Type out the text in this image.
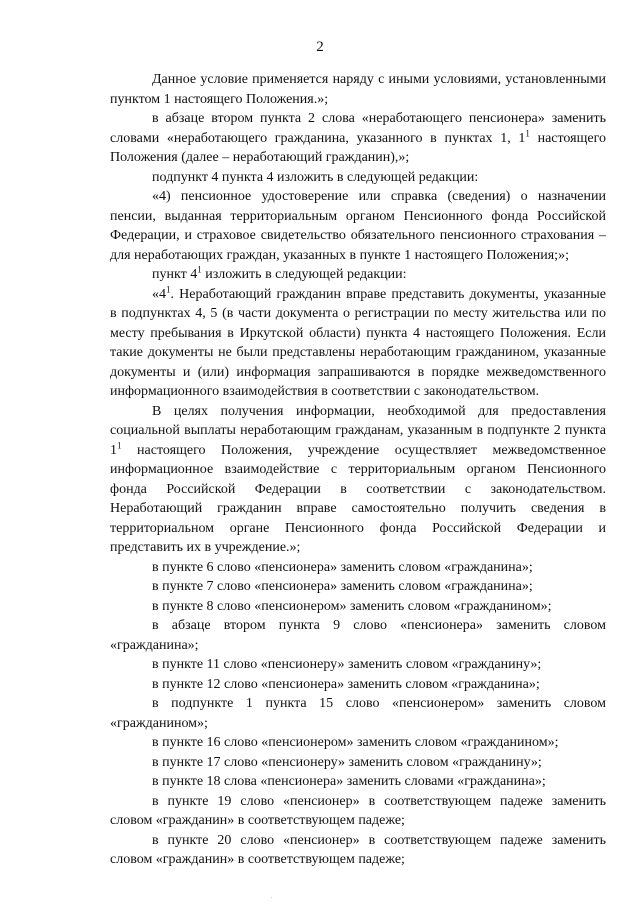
2

Данное условие применяется наряду с иными условиями, установленными пунктом 1 настоящего Положения.»;

в абзаце втором пункта 2 слова «неработающего пенсионера» заменить словами «неработающего гражданина, указанного в пунктах 1, $1^1$ настоящего Положения (далее – неработающий гражданин),»;

подпункт 4 пункта 4 изложить в следующей редакции:

«4) пенсионное удостоверение или справка (сведения) о назначении пенсии, выданная территориальным органом Пенсионного фонда Российской Федерации, и страховое свидетельство обязательного пенсионного страхования – для неработающих граждан, указанных в пункте 1 настоящего Положения;»;

пункт $4^1$ изложить в следующей редакции:

«$4^1$. Неработающий гражданин вправе представить документы, указанные в подпунктах 4, 5 (в части документа о регистрации по месту жительства или по месту пребывания в Иркутской области) пункта 4 настоящего Положения. Если такие документы не были представлены неработающим гражданином, указанные документы и (или) информация запрашиваются в порядке межведомственного информационного взаимодействия в соответствии с законодательством.

В целях получения информации, необходимой для предоставления социальной выплаты неработающим гражданам, указанным в подпункте 2 пункта $1^1$ настоящего Положения, учреждение осуществляет межведомственное информационное взаимодействие с территориальным органом Пенсионного фонда Российской Федерации в соответствии с законодательством. Неработающий гражданин вправе самостоятельно получить сведения в территориальном органе Пенсионного фонда Российской Федерации и представить их в учреждение.»;

в пункте 6 слово «пенсионера» заменить словом «гражданина»;

в пункте 7 слово «пенсионера» заменить словом «гражданина»;

в пункте 8 слово «пенсионером» заменить словом «гражданином»;

в абзаце втором пункта 9 слово «пенсионера» заменить словом «гражданина»;

в пункте 11 слово «пенсионеру» заменить словом «гражданину»;

в пункте 12 слово «пенсионера» заменить словом «гражданина»;

в подпункте 1 пункта 15 слово «пенсионером» заменить словом «гражданином»;

в пункте 16 слово «пенсионером» заменить словом «гражданином»;

в пункте 17 слово «пенсионеру» заменить словом «гражданину»;

в пункте 18 слова «пенсионера» заменить словами «гражданина»;

в пункте 19 слово «пенсионер» в соответствующем падеже заменить словом «гражданин» в соответствующем падеже;

в пункте 20 слово «пенсионер» в соответствующем падеже заменить словом «гражданин» в соответствующем падеже;

.
